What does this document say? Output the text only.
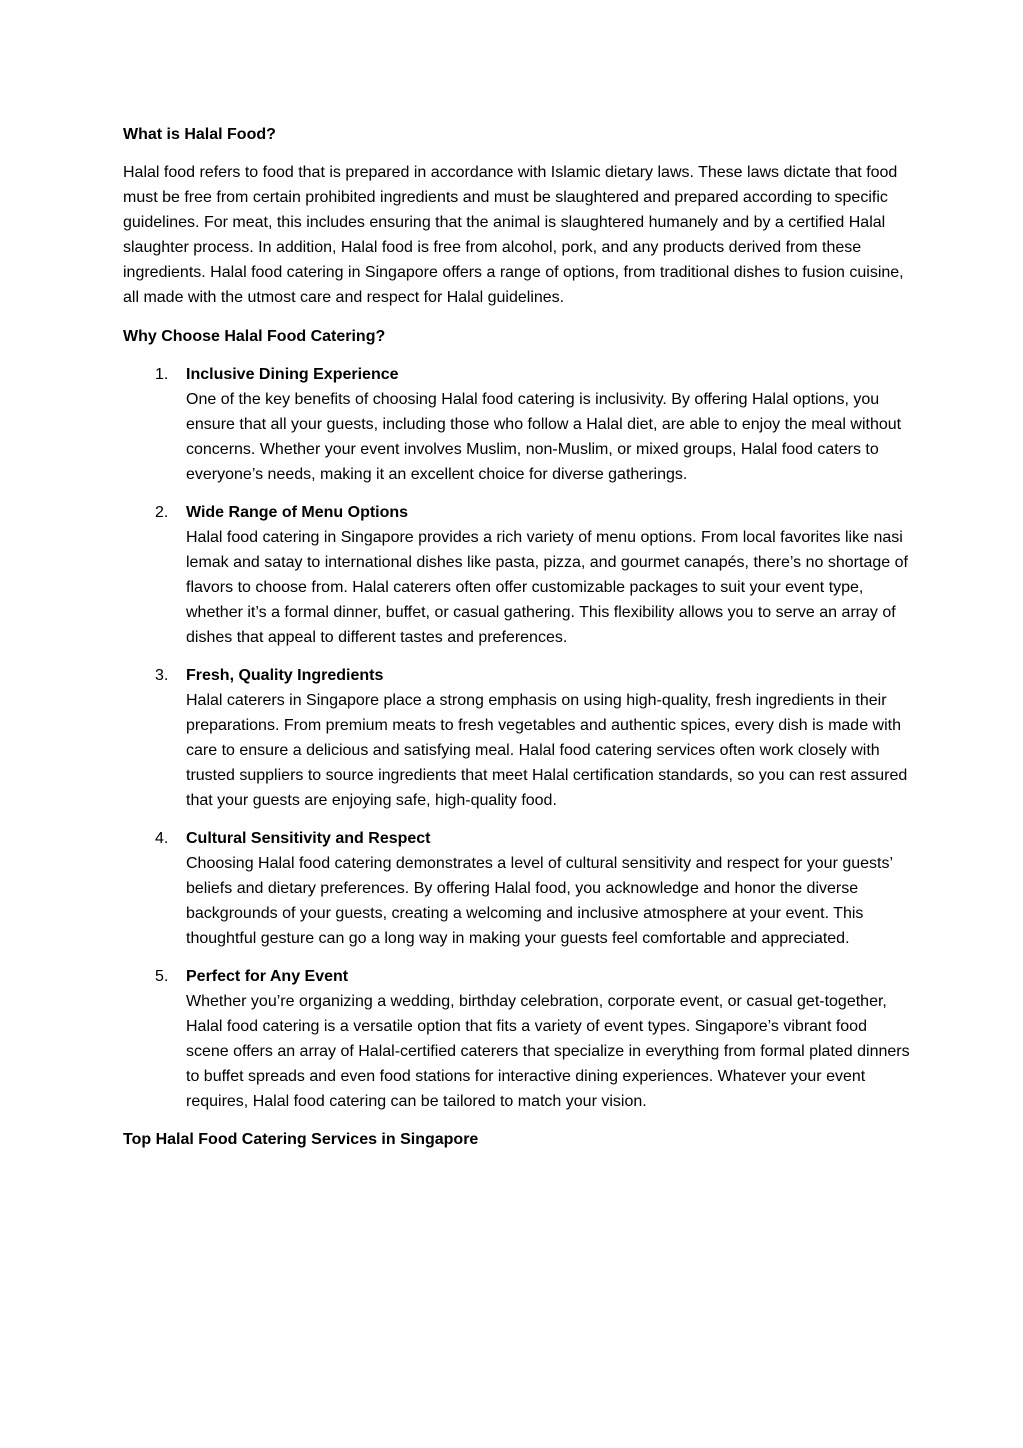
What is Halal Food?

Halal food refers to food that is prepared in accordance with Islamic dietary laws. These laws dictate that food must be free from certain prohibited ingredients and must be slaughtered and prepared according to specific guidelines. For meat, this includes ensuring that the animal is slaughtered humanely and by a certified Halal slaughter process. In addition, Halal food is free from alcohol, pork, and any products derived from these ingredients. Halal food catering in Singapore offers a range of options, from traditional dishes to fusion cuisine, all made with the utmost care and respect for Halal guidelines.

Why Choose Halal Food Catering?

1. Inclusive Dining Experience
One of the key benefits of choosing Halal food catering is inclusivity. By offering Halal options, you ensure that all your guests, including those who follow a Halal diet, are able to enjoy the meal without concerns. Whether your event involves Muslim, non-Muslim, or mixed groups, Halal food caters to everyone’s needs, making it an excellent choice for diverse gatherings.
2. Wide Range of Menu Options
Halal food catering in Singapore provides a rich variety of menu options. From local favorites like nasi lemak and satay to international dishes like pasta, pizza, and gourmet canapés, there’s no shortage of flavors to choose from. Halal caterers often offer customizable packages to suit your event type, whether it’s a formal dinner, buffet, or casual gathering. This flexibility allows you to serve an array of dishes that appeal to different tastes and preferences.
3. Fresh, Quality Ingredients
Halal caterers in Singapore place a strong emphasis on using high-quality, fresh ingredients in their preparations. From premium meats to fresh vegetables and authentic spices, every dish is made with care to ensure a delicious and satisfying meal. Halal food catering services often work closely with trusted suppliers to source ingredients that meet Halal certification standards, so you can rest assured that your guests are enjoying safe, high-quality food.
4. Cultural Sensitivity and Respect
Choosing Halal food catering demonstrates a level of cultural sensitivity and respect for your guests’ beliefs and dietary preferences. By offering Halal food, you acknowledge and honor the diverse backgrounds of your guests, creating a welcoming and inclusive atmosphere at your event. This thoughtful gesture can go a long way in making your guests feel comfortable and appreciated.
5. Perfect for Any Event
Whether you’re organizing a wedding, birthday celebration, corporate event, or casual get-together, Halal food catering is a versatile option that fits a variety of event types. Singapore’s vibrant food scene offers an array of Halal-certified caterers that specialize in everything from formal plated dinners to buffet spreads and even food stations for interactive dining experiences. Whatever your event requires, Halal food catering can be tailored to match your vision.

Top Halal Food Catering Services in Singapore
